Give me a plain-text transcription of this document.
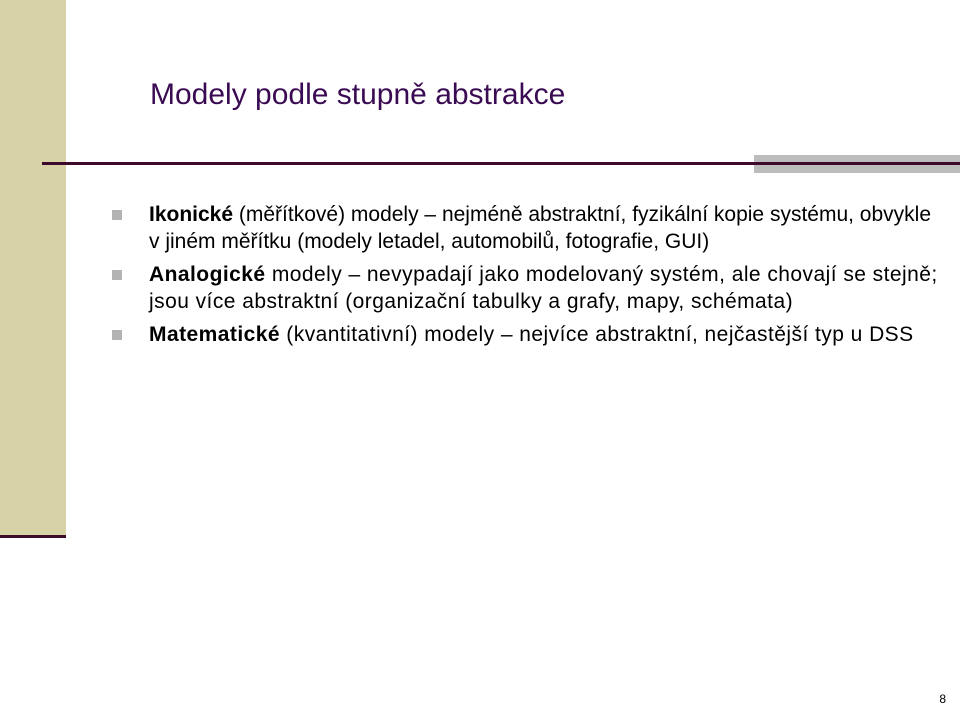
Modely podle stupně abstrakce
Ikonické (měřítkové) modely – nejméně abstraktní, fyzikální kopie systému, obvykle v jiném měřítku (modely letadel, automobilů, fotografie, GUI)
Analogické modely – nevypadají jako modelovaný systém, ale chovají se stejně; jsou více abstraktní (organizační tabulky a grafy, mapy, schémata)
Matematické (kvantitativní) modely – nejvíce abstraktní, nejčastější typ u DSS
8
